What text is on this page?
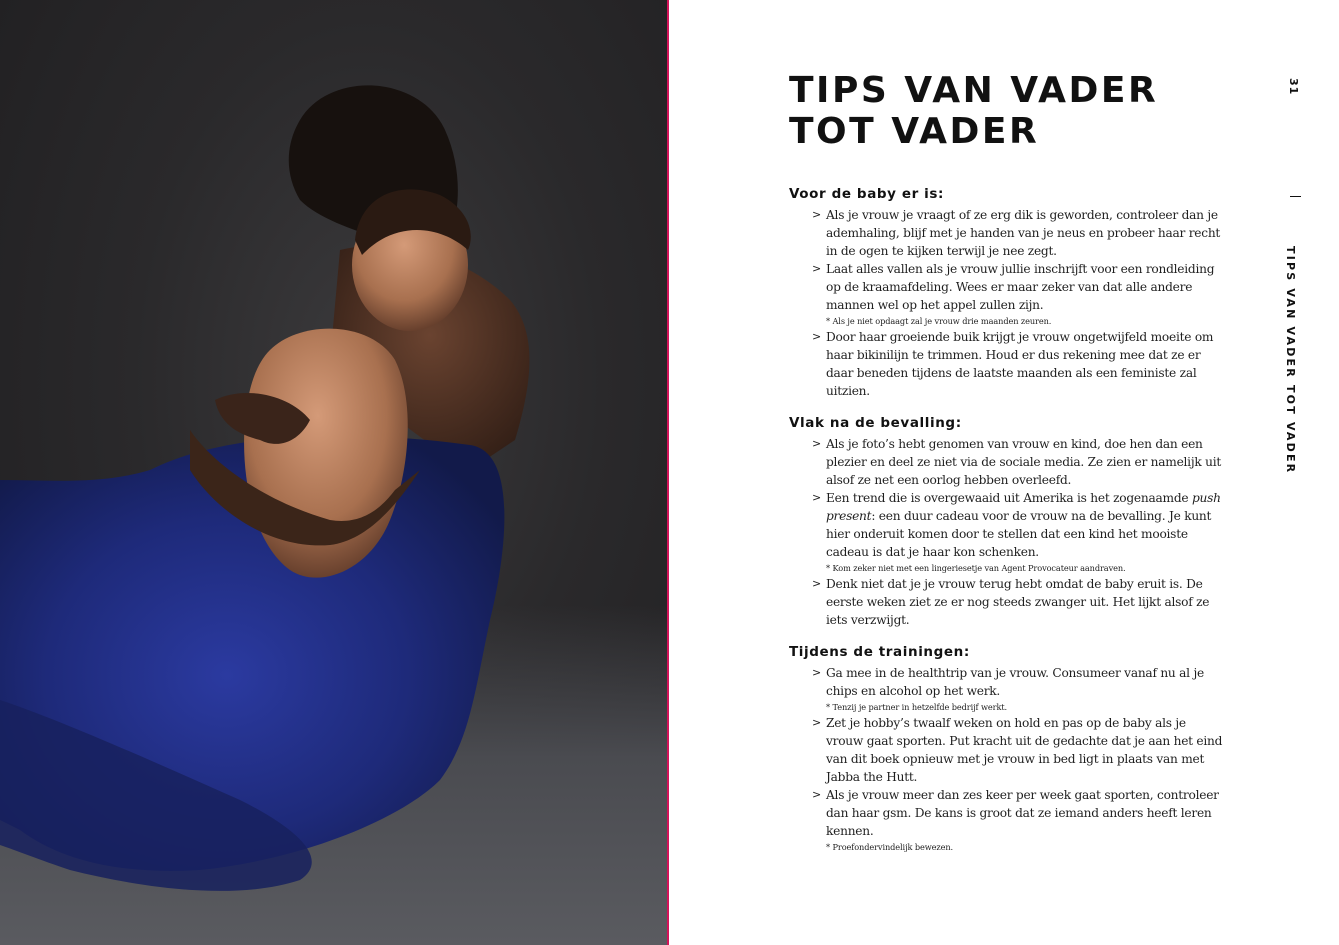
TIPS VAN VADER
TOT VADER
31
TIPS VAN VADER TOT VADER
Voor de baby er is:
> Als je vrouw je vraagt of ze erg dik is geworden, controleer dan je ademhaling, blijf met je handen van je neus en probeer haar recht in de ogen te kijken terwijl je nee zegt.
> Laat alles vallen als je vrouw jullie inschrijft voor een rondleiding op de kraamafdeling. Wees er maar zeker van dat alle andere mannen wel op het appel zullen zijn.
* Als je niet opdaagt zal je vrouw drie maanden zeuren.
> Door haar groeiende buik krijgt je vrouw ongetwijfeld moeite om haar bikinilijn te trimmen. Houd er dus rekening mee dat ze er daar beneden tijdens de laatste maanden als een feministe zal uitzien.
Vlak na de bevalling:
> Als je foto’s hebt genomen van vrouw en kind, doe hen dan een plezier en deel ze niet via de sociale media. Ze zien er namelijk uit alsof ze net een oorlog hebben overleefd.
> Een trend die is overgewaaid uit Amerika is het zogenaamde push present: een duur cadeau voor de vrouw na de bevalling. Je kunt hier onderuit komen door te stellen dat een kind het mooiste cadeau is dat je haar kon schenken.
* Kom zeker niet met een lingeriesetje van Agent Provocateur aandraven.
> Denk niet dat je je vrouw terug hebt omdat de baby eruit is. De eerste weken ziet ze er nog steeds zwanger uit. Het lijkt alsof ze iets verzwijgt.
Tijdens de trainingen:
> Ga mee in de healthtrip van je vrouw. Consumeer vanaf nu al je chips en alcohol op het werk.
* Tenzij je partner in hetzelfde bedrijf werkt.
> Zet je hobby’s twaalf weken on hold en pas op de baby als je vrouw gaat sporten. Put kracht uit de gedachte dat je aan het eind van dit boek opnieuw met je vrouw in bed ligt in plaats van met Jabba the Hutt.
> Als je vrouw meer dan zes keer per week gaat sporten, controleer dan haar gsm. De kans is groot dat ze iemand anders heeft leren kennen.
* Proefondervindelijk bewezen.
